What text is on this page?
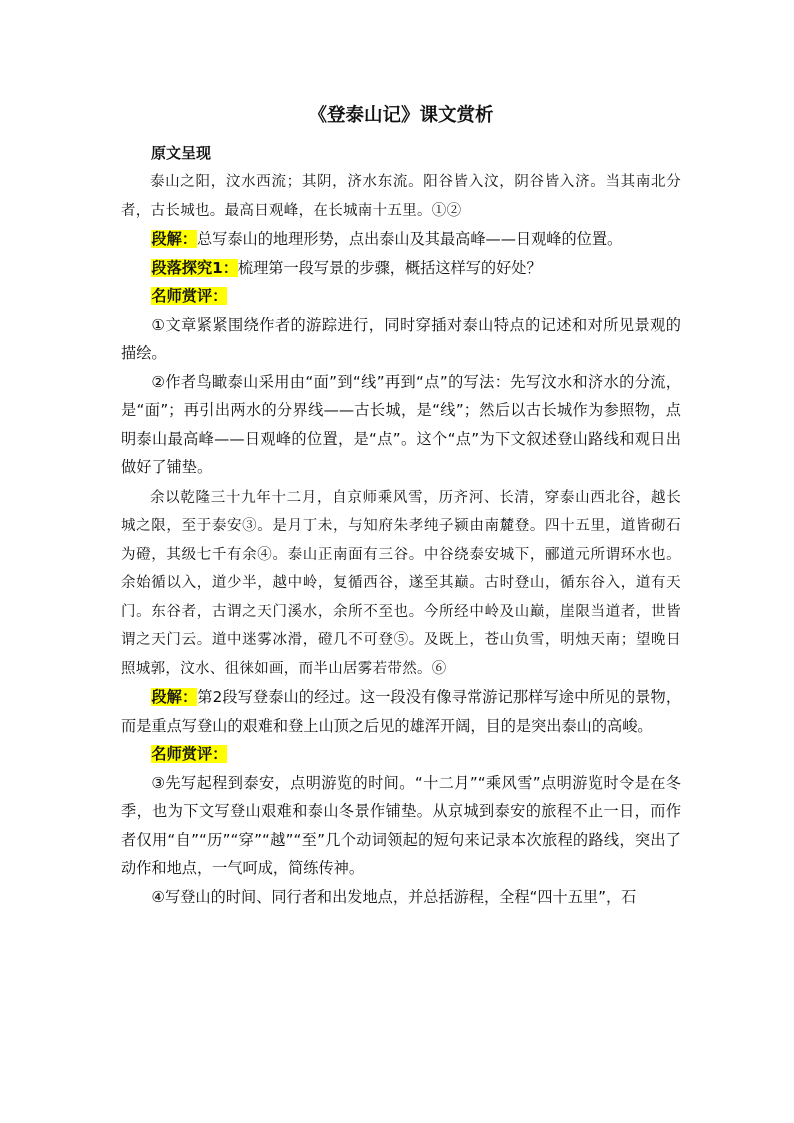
《登泰山记》课文赏析
原文呈现

泰山之阳，汶水西流；其阴，济水东流。阳谷皆入汶，阴谷皆入济。当其南北分者，古长城也。最高日观峰，在长城南十五里。①②

段解：总写泰山的地理形势，点出泰山及其最高峰——日观峰的位置。

段落探究1：梳理第一段写景的步骤，概括这样写的好处？

名师赏评：

①文章紧紧围绕作者的游踪进行，同时穿插对泰山特点的记述和对所见景观的描绘。

②作者鸟瞰泰山采用由“面”到“线”再到“点”的写法：先写汶水和济水的分流，是“面”；再引出两水的分界线——古长城，是“线”；然后以古长城作为参照物，点明泰山最高峰——日观峰的位置，是“点”。这个“点”为下文叙述登山路线和观日出做好了铺垫。

余以乾隆三十九年十二月，自京师乘风雪，历齐河、长清，穿泰山西北谷，越长城之限，至于泰安③。是月丁未，与知府朱孝纯子颍由南麓登。四十五里，道皆砌石为磴，其级七千有余④。泰山正南面有三谷。中谷绕泰安城下，郦道元所谓环水也。余始循以入，道少半，越中岭，复循西谷，遂至其巅。古时登山，循东谷入，道有天门。东谷者，古谓之天门溪水，余所不至也。今所经中岭及山巅，崖限当道者，世皆谓之天门云。道中迷雾冰滑，磴几不可登⑤。及既上，苍山负雪，明烛天南；望晚日照城郭，汶水、徂徕如画，而半山居雾若带然。⑥

段解：第2段写登泰山的经过。这一段没有像寻常游记那样写途中所见的景物，而是重点写登山的艰难和登上山顶之后见的雄浑开阔，目的是突出泰山的高峻。

名师赏评：

③先写起程到泰安，点明游览的时间。“十二月”“乘风雪”点明游览时令是在冬季，也为下文写登山艰难和泰山冬景作铺垫。从京城到泰安的旅程不止一日，而作者仅用“自”“历”“穿”“越”“至”几个动词领起的短句来记录本次旅程的路线，突出了动作和地点，一气呵成，简练传神。

④写登山的时间、同行者和出发地点，并总括游程，全程“四十五里”，石
